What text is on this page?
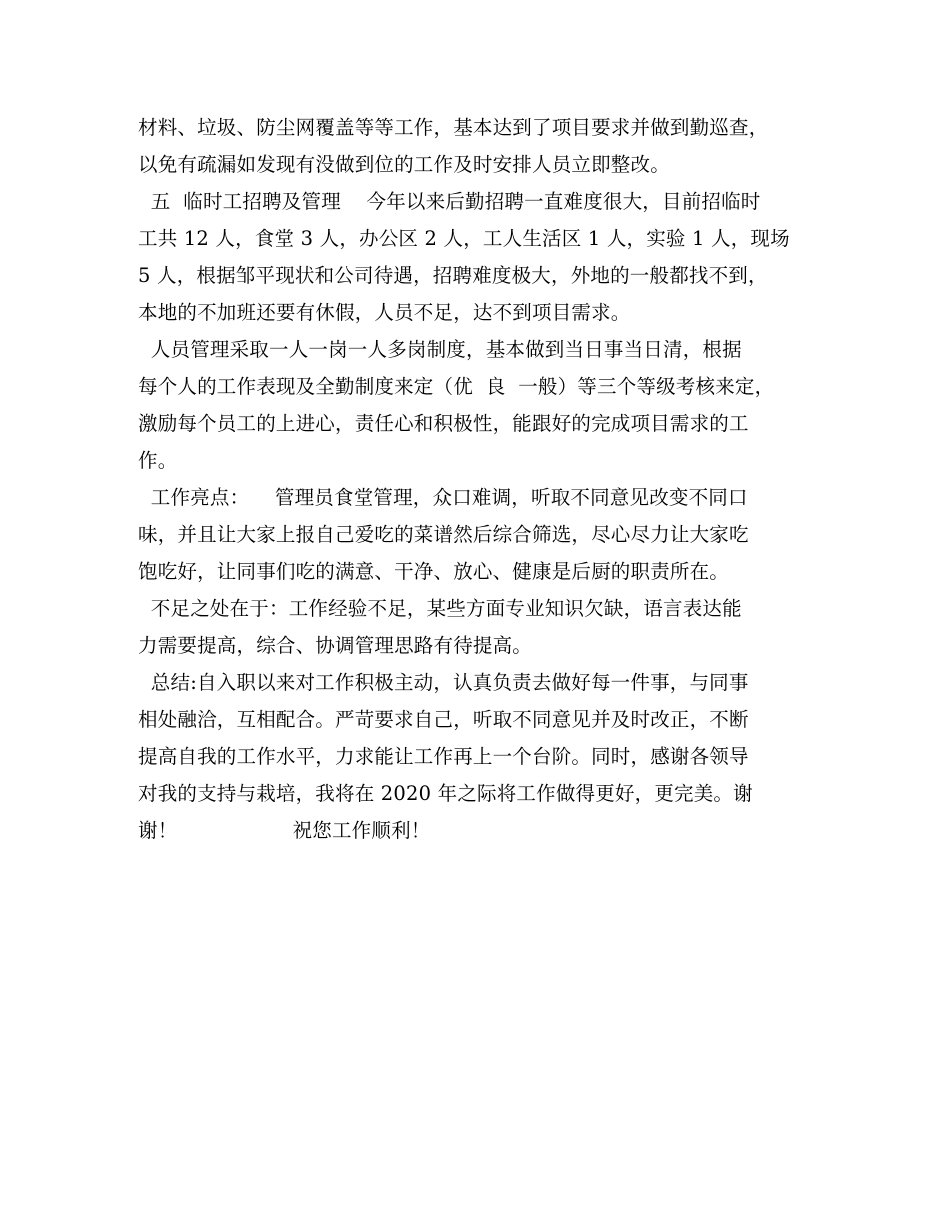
材料、垃圾、防尘网覆盖等等工作，基本达到了项目要求并做到勤巡查，
以免有疏漏如发现有没做到位的工作及时安排人员立即整改。
五  临时工招聘及管理    今年以来后勤招聘一直难度很大，目前招临时
工共 12 人，食堂 3 人，办公区 2 人，工人生活区 1 人，实验 1 人，现场
5 人，根据邹平现状和公司待遇，招聘难度极大，外地的一般都找不到，
本地的不加班还要有休假，人员不足，达不到项目需求。
人员管理采取一人一岗一人多岗制度，基本做到当日事当日清，根据
每个人的工作表现及全勤制度来定（优  良  一般）等三个等级考核来定，
激励每个员工的上进心，责任心和积极性，能跟好的完成项目需求的工
作。
工作亮点：    管理员食堂管理，众口难调，听取不同意见改变不同口
味，并且让大家上报自己爱吃的菜谱然后综合筛选，尽心尽力让大家吃
饱吃好，让同事们吃的满意、干净、放心、健康是后厨的职责所在。
不足之处在于：工作经验不足，某些方面专业知识欠缺，语言表达能
力需要提高，综合、协调管理思路有待提高。
总结:自入职以来对工作积极主动，认真负责去做好每一件事，与同事
相处融洽，互相配合。严苛要求自己，听取不同意见并及时改正，不断
提高自我的工作水平，力求能让工作再上一个台阶。同时，感谢各领导
对我的支持与栽培，我将在 2020 年之际将工作做得更好，更完美。谢
谢！                  祝您工作顺利！
